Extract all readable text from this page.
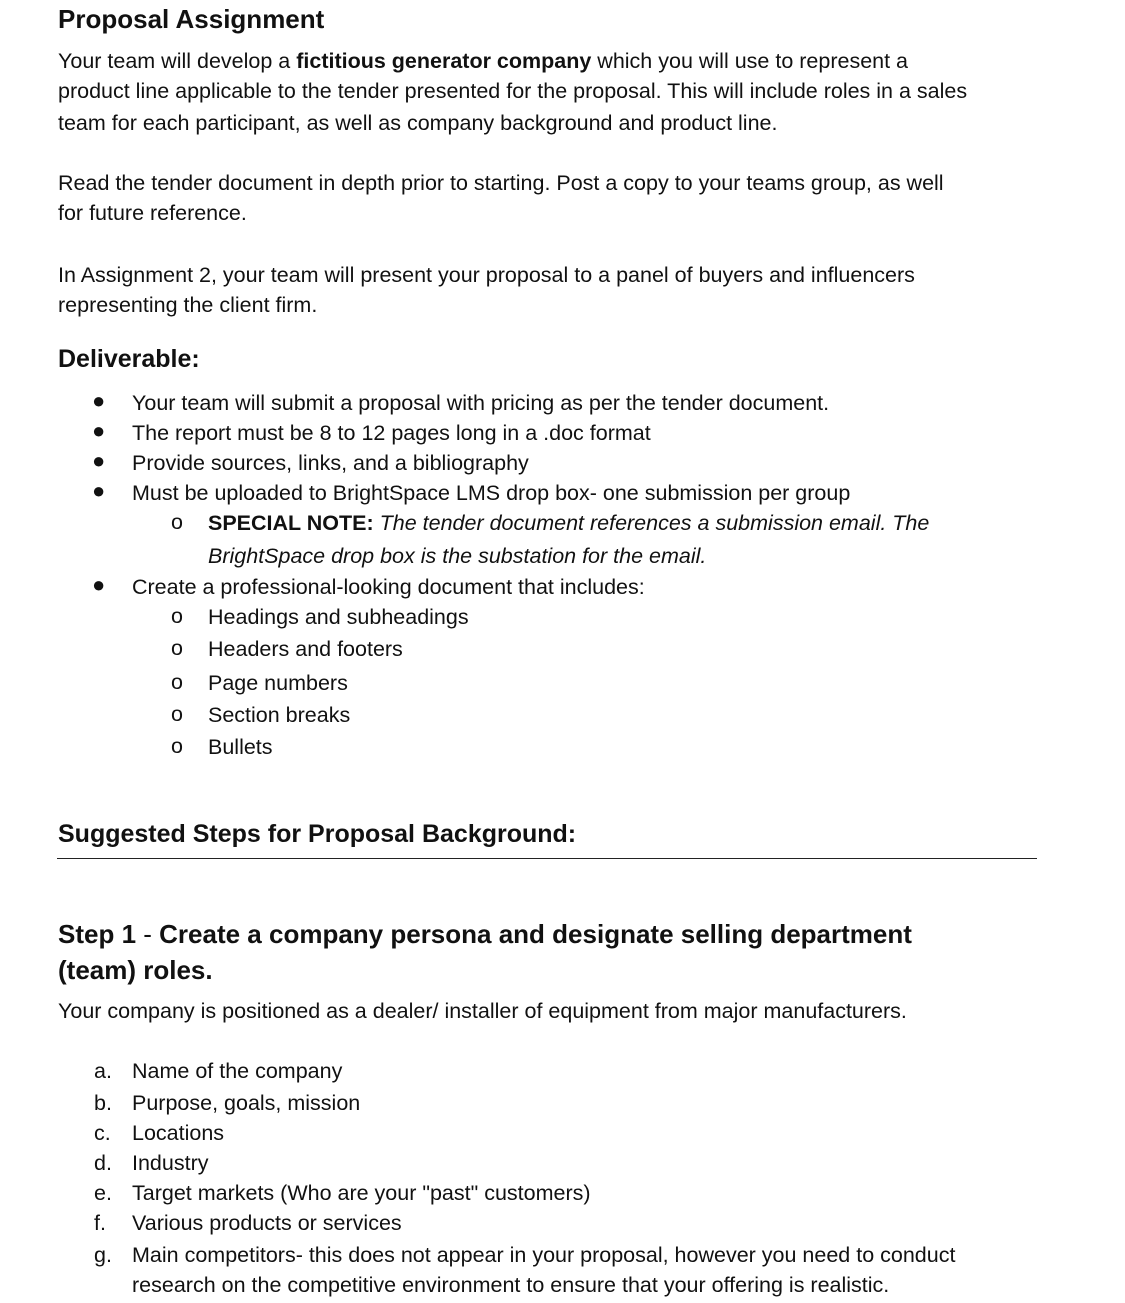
Proposal Assignment
Your team will develop a fictitious generator company which you will use to represent a
product line applicable to the tender presented for the proposal. This will include roles in a sales
team for each participant, as well as company background and product line.
Read the tender document in depth prior to starting. Post a copy to your teams group, as well
for future reference.
In Assignment 2, your team will present your proposal to a panel of buyers and influencers
representing the client firm.
Deliverable:
● Your team will submit a proposal with pricing as per the tender document.
● The report must be 8 to 12 pages long in a .doc format
● Provide sources, links, and a bibliography
● Must be uploaded to BrightSpace LMS drop box- one submission per group
o SPECIAL NOTE: The tender document references a submission email. The
BrightSpace drop box is the substation for the email.
● Create a professional-looking document that includes:
o Headings and subheadings
o Headers and footers
o Page numbers
o Section breaks
o Bullets
Suggested Steps for Proposal Background:
Step 1 - Create a company persona and designate selling department
(team) roles.
Your company is positioned as a dealer/ installer of equipment from major manufacturers.
a. Name of the company
b. Purpose, goals, mission
c. Locations
d. Industry
e. Target markets (Who are your "past" customers)
f. Various products or services
g. Main competitors- this does not appear in your proposal, however you need to conduct
research on the competitive environment to ensure that your offering is realistic.
